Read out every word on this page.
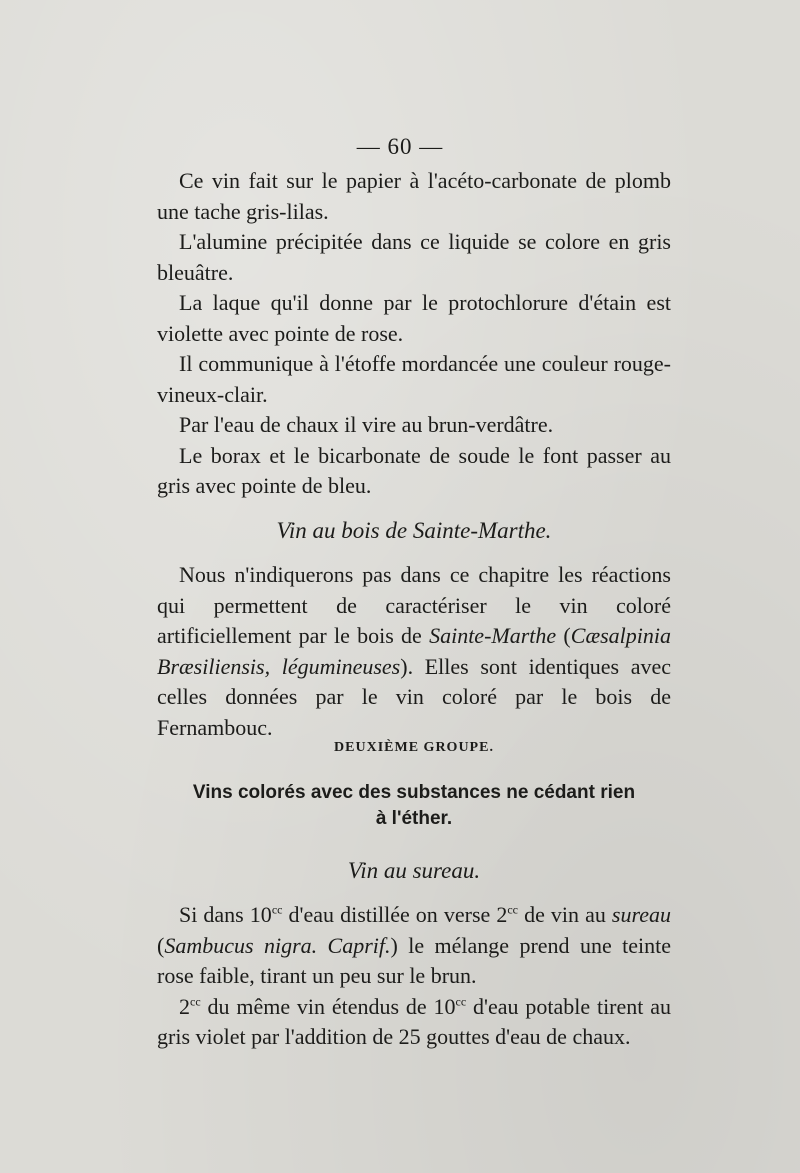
— 60 —

Ce vin fait sur le papier à l'acéto-carbonate de plomb une tache gris-lilas.

L'alumine précipitée dans ce liquide se colore en gris bleuâtre.

La laque qu'il donne par le protochlorure d'étain est violette avec pointe de rose.

Il communique à l'étoffe mordancée une couleur rouge-vineux-clair.

Par l'eau de chaux il vire au brun-verdâtre.

Le borax et le bicarbonate de soude le font passer au gris avec pointe de bleu.

Vin au bois de Sainte-Marthe.

Nous n'indiquerons pas dans ce chapitre les réactions qui permettent de caractériser le vin coloré artificiellement par le bois de Sainte-Marthe (Cæsalpinia Bræsiliensis, légumineuses). Elles sont identiques avec celles données par le vin coloré par le bois de Fernambouc.

DEUXIÈME GROUPE.
Vins colorés avec des substances ne cédant rien
à l'éther.
Vin au sureau.

Si dans $10^{cc}$ d'eau distillée on verse $2^{cc}$ de vin au sureau (Sambucus nigra. Caprif.) le mélange prend une teinte rose faible, tirant un peu sur le brun.

$2^{cc}$ du même vin étendus de $10^{cc}$ d'eau potable tirent au gris violet par l'addition de 25 gouttes d'eau de chaux.
